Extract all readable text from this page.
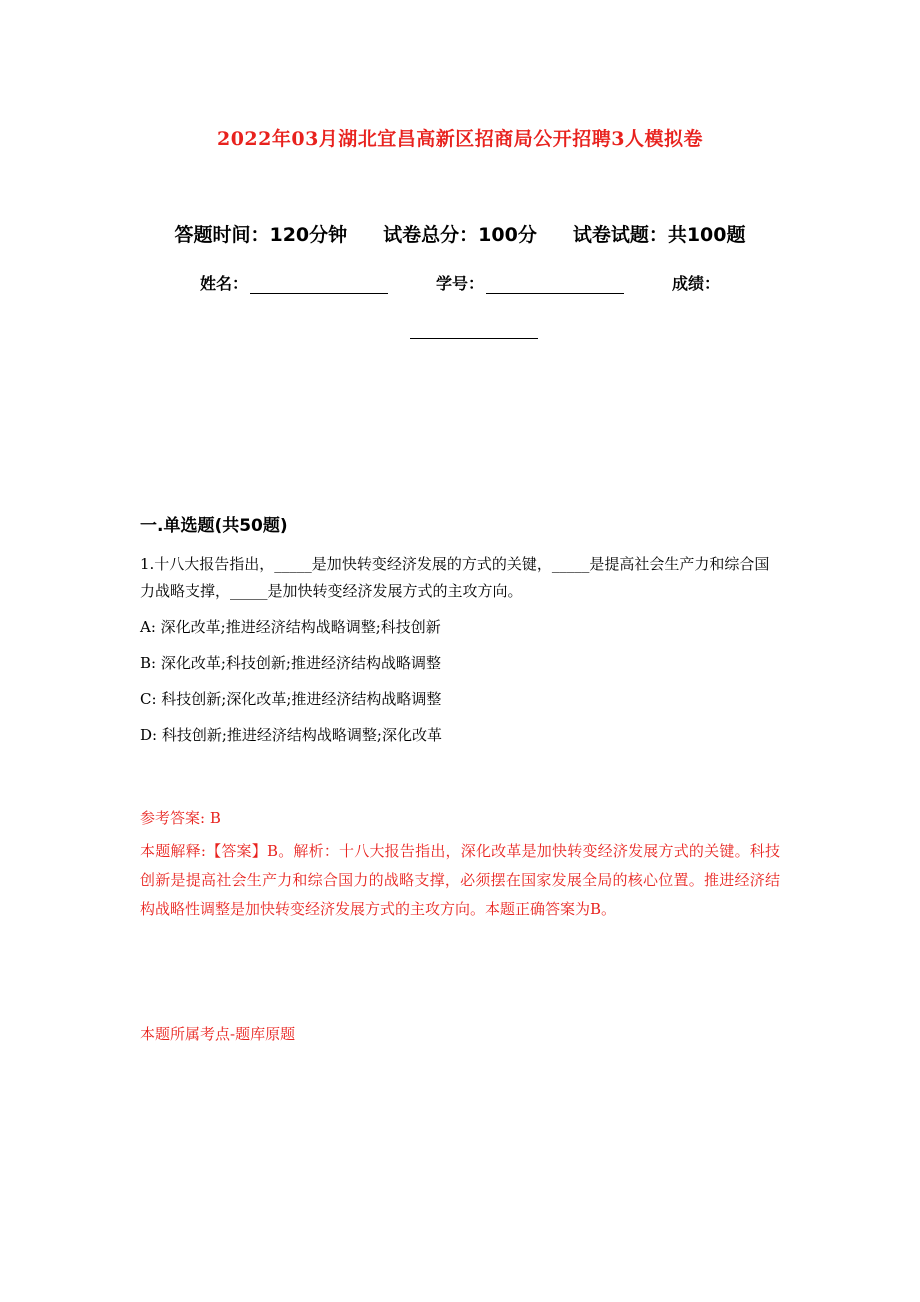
2022年03月湖北宜昌高新区招商局公开招聘3人模拟卷
答题时间：120分钟 试卷总分：100分 试卷试题：共100题
姓名：	学号：	成绩：
一.单选题(共50题)

1.十八大报告指出，_____是加快转变经济发展的方式的关键，_____是提高社会生产力和综合国力战略支撑，_____是加快转变经济发展方式的主攻方向。

A: 深化改革;推进经济结构战略调整;科技创新

B: 深化改革;科技创新;推进经济结构战略调整

C: 科技创新;深化改革;推进经济结构战略调整

D: 科技创新;推进经济结构战略调整;深化改革

参考答案: B

本题解释:【答案】B。解析：十八大报告指出，深化改革是加快转变经济发展方式的关键。科技创新是提高社会生产力和综合国力的战略支撑，必须摆在国家发展全局的核心位置。推进经济结构战略性调整是加快转变经济发展方式的主攻方向。本题正确答案为B。

本题所属考点-题库原题
